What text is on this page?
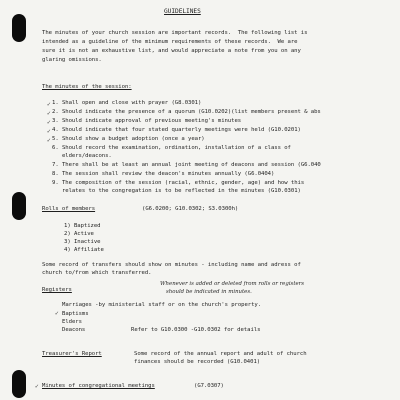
GUIDELINES
The minutes of your church session are important records.  The following list is
intended as a guideline of the minimum requirements of these records.  We are
sure it is not an exhaustive list, and would appreciate a note from you on any
glaring omissions.
The minutes of the session:
✓
✓
✓
✓
✓
1. Shall open and close with prayer (G8.0301)
2. Should indicate the presence of a quorum (G10.0202)(list members present & abs
3. Should indicate approval of previous meeting's minutes
4. Should indicate that four stated quarterly meetings were held (G10.0201)
5. Should show a budget adoption (once a year)
6. Should record the examination, ordination, installation of a class of
elders/deacons.
7. There shall be at least an annual joint meeting of deacons and session (G6.040
8. The session shall review the deacon's minutes annually (G6.0404)
9. The composition of the session (racial, ethnic, gender, age) and how this
relates to the congregation is to be reflected in the minutes (G10.0301)
Rolls of members	(G6.0200; G10.0302; S3.0300h)
1) Baptized
2) Active
3) Inactive
4) Affiliate
Some record of transfers should show on minutes - including name and adress of
church to/from which transferred.
Registers
Whenever is added or deleted from rolls or registers
should be indicated in minutes.
✓
Marriages -by ministerial staff or on the church's property.
Baptisms
Elders
Deacons	Refer to G10.0300 -G10.0302 for details
Treasurer's Report	Some record of the annual report and adult of church
finances should be recorded (G10.0401)
✓ Minutes of congregational meetings	(G7.0307)
